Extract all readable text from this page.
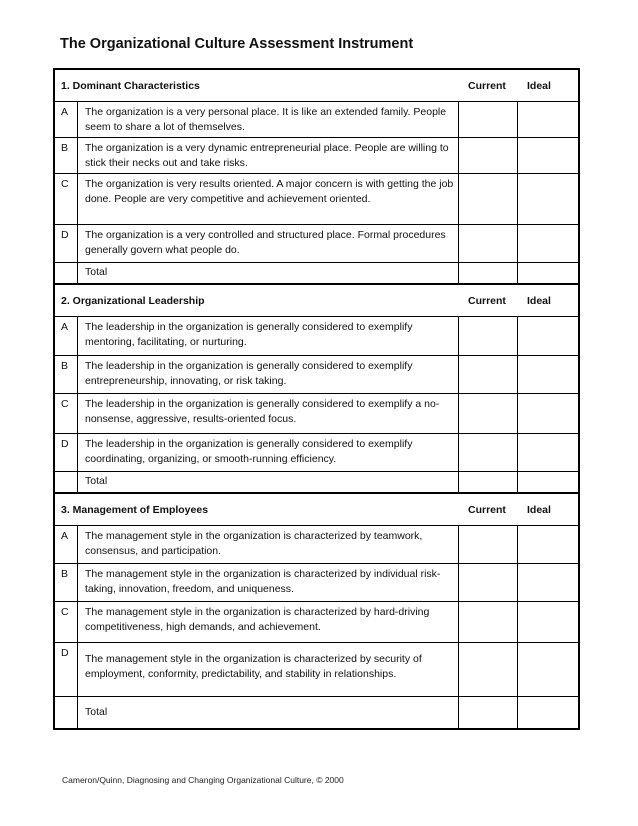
The Organizational Culture Assessment Instrument
1. Dominant Characteristics	Current	Ideal
A	The organization is a very personal place. It is like an extended family. People seem to share a lot of themselves.
B	The organization is a very dynamic entrepreneurial place. People are willing to stick their necks out and take risks.
C	The organization is very results oriented. A major concern is with getting the job done. People are very competitive and achievement oriented.
D	The organization is a very controlled and structured place. Formal procedures generally govern what people do.
Total
2. Organizational Leadership	Current	Ideal
A	The leadership in the organization is generally considered to exemplify mentoring, facilitating, or nurturing.
B	The leadership in the organization is generally considered to exemplify entrepreneurship, innovating, or risk taking.
C	The leadership in the organization is generally considered to exemplify a no-nonsense, aggressive, results-oriented focus.
D	The leadership in the organization is generally considered to exemplify coordinating, organizing, or smooth-running efficiency.
Total
3. Management of Employees	Current	Ideal
A	The management style in the organization is characterized by teamwork, consensus, and participation.
B	The management style in the organization is characterized by individual risk-taking, innovation, freedom, and uniqueness.
C	The management style in the organization is characterized by hard-driving competitiveness, high demands, and achievement.
D	The management style in the organization is characterized by security of employment, conformity, predictability, and stability in relationships.
Total
Cameron/Quinn, Diagnosing and Changing Organizational Culture, © 2000
